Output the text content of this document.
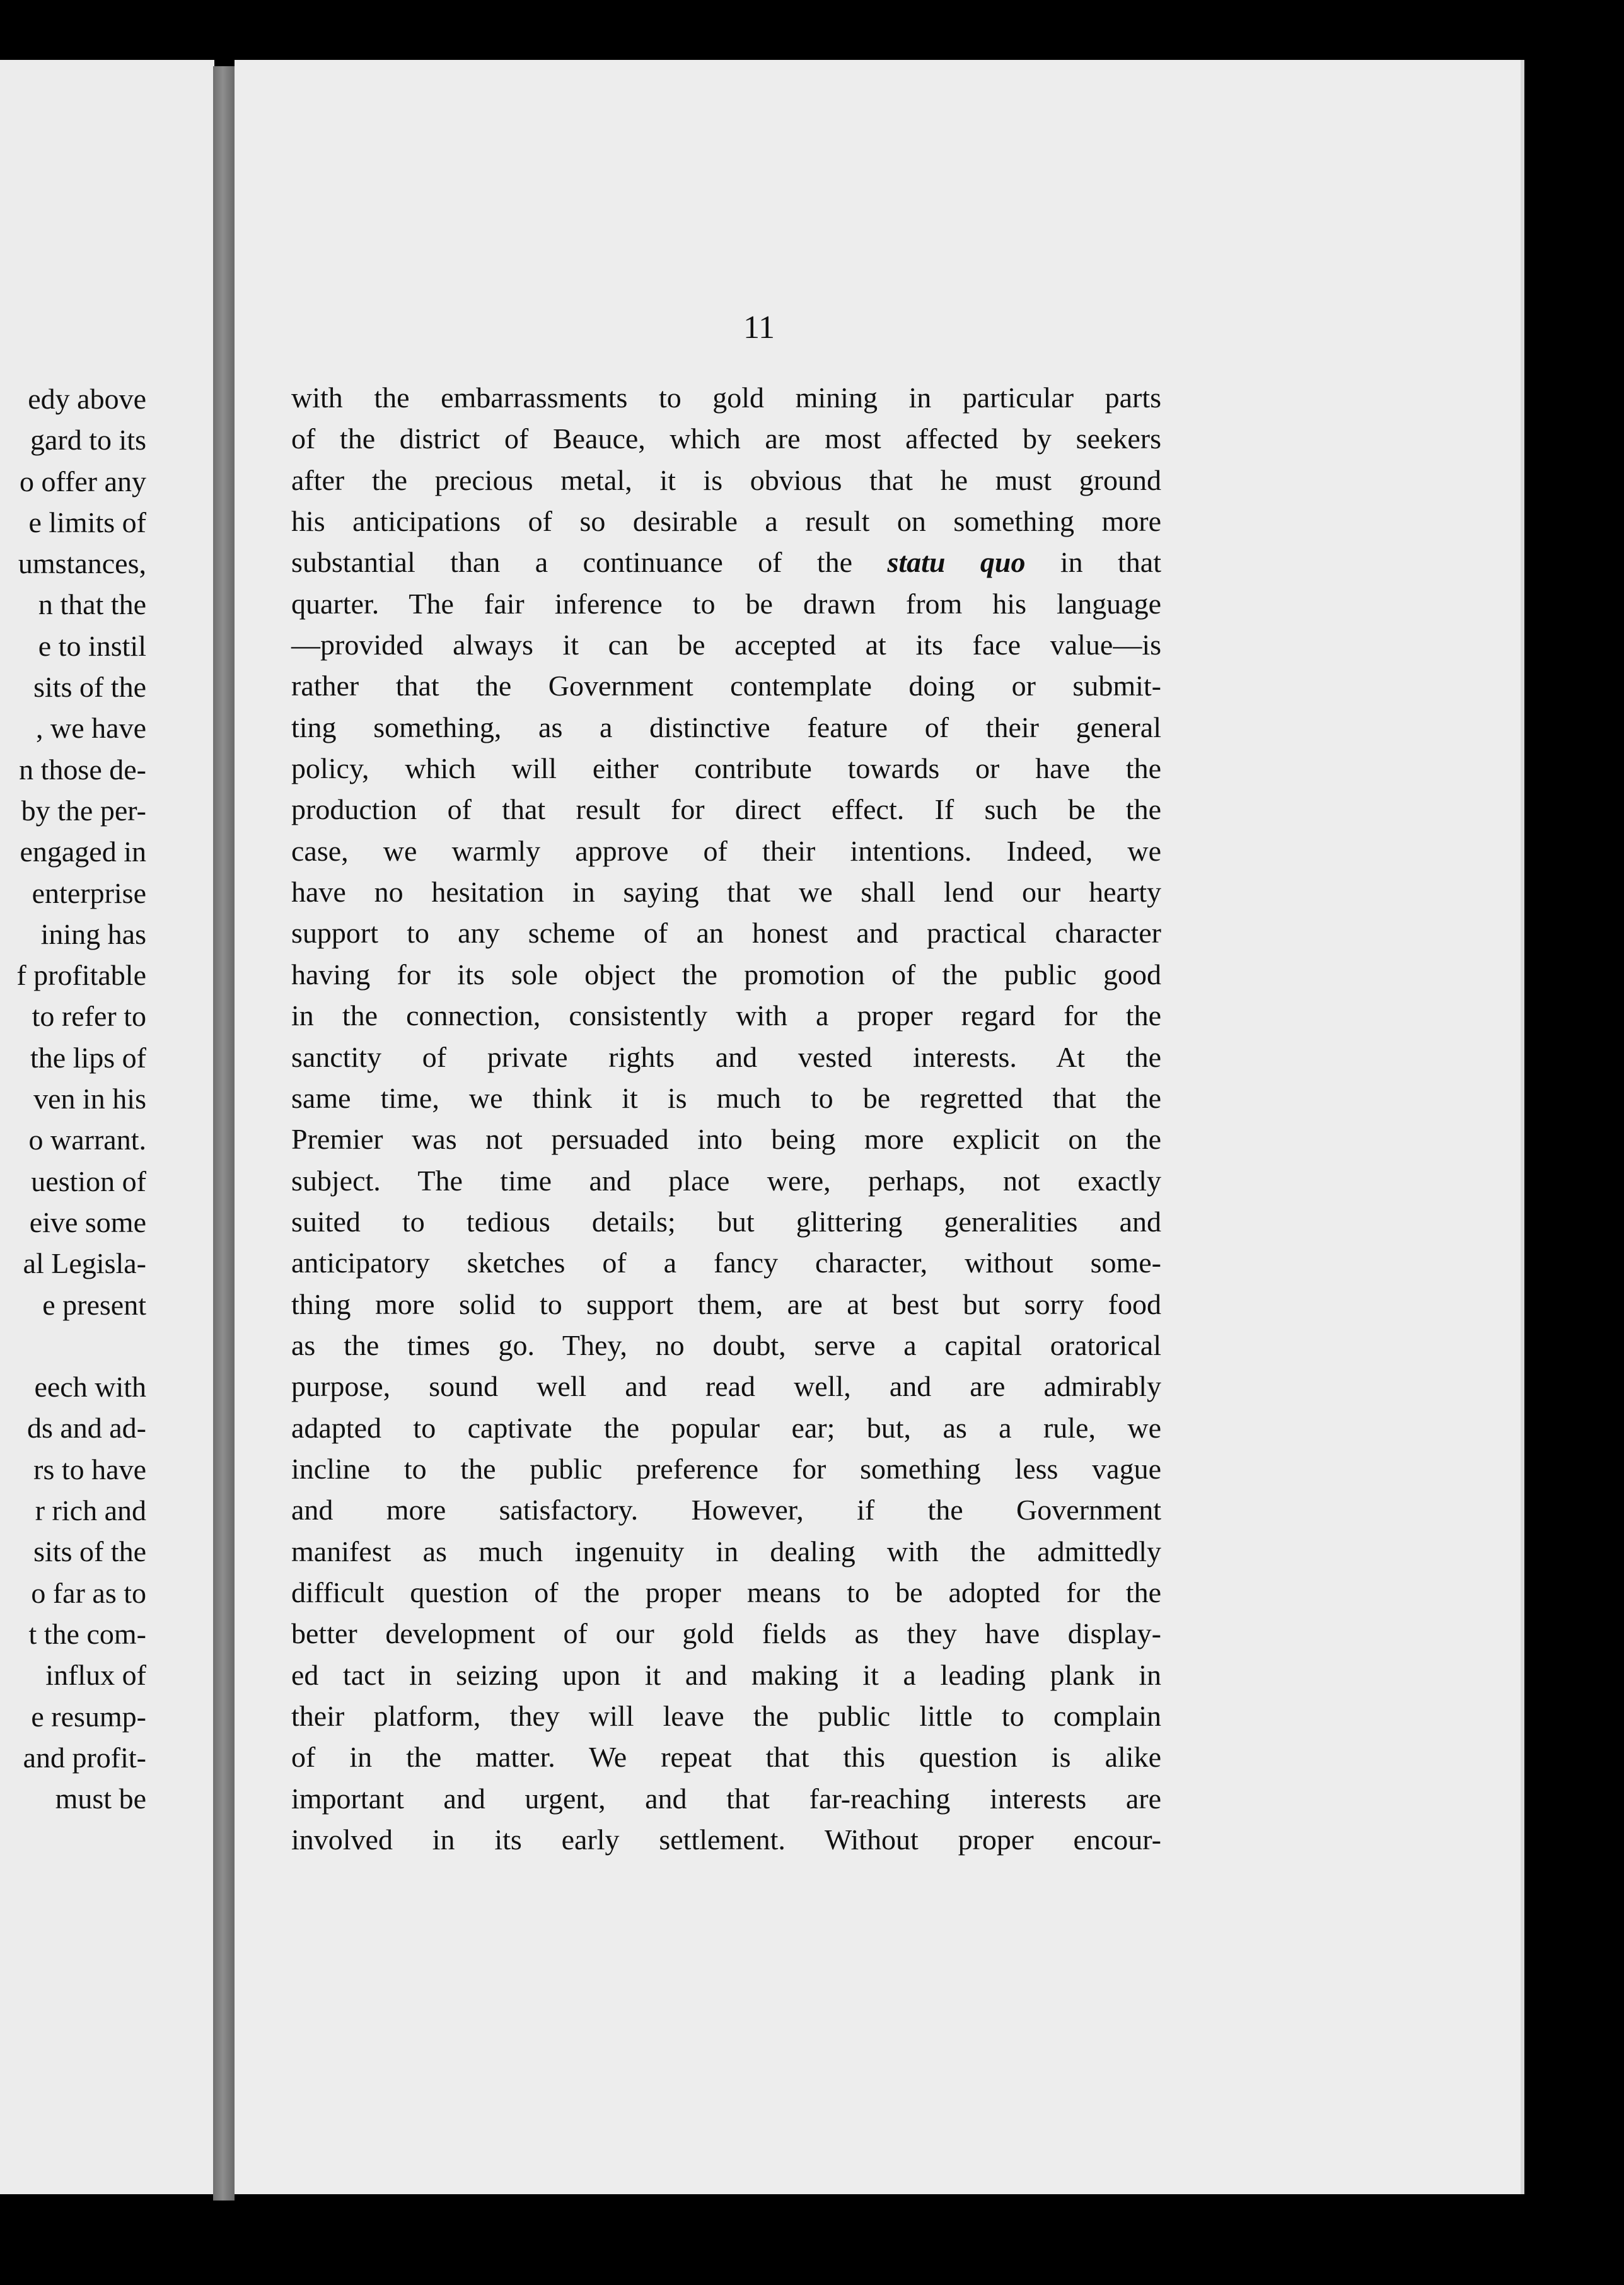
edy above
gard to its
o offer any
e limits of
umstances,
n that the
e to instil
sits of the
, we have
n those de-
by the per-
engaged in
enterprise
ining has
f profitable
to refer to
the lips of
ven in his
o warrant.
uestion of
eive some
al Legisla-
e present

eech with
ds and ad-
rs to have
r rich and
sits of the
o far as to
t the com-
influx of
e resump-
and profit-
must be
11
with the embarrassments to gold mining in particular parts
of the district of Beauce, which are most affected by seekers
after the precious metal, it is obvious that he must ground
his anticipations of so desirable a result on something more
substantial than a continuance of the statu quo in that
quarter. The fair inference to be drawn from his language
—provided always it can be accepted at its face value—is
rather that the Government contemplate doing or submit-
ting something, as a distinctive feature of their general
policy, which will either contribute towards or have the
production of that result for direct effect. If such be the
case, we warmly approve of their intentions. Indeed, we
have no hesitation in saying that we shall lend our hearty
support to any scheme of an honest and practical character
having for its sole object the promotion of the public good
in the connection, consistently with a proper regard for the
sanctity of private rights and vested interests. At the
same time, we think it is much to be regretted that the
Premier was not persuaded into being more explicit on the
subject. The time and place were, perhaps, not exactly
suited to tedious details; but glittering generalities and
anticipatory sketches of a fancy character, without some-
thing more solid to support them, are at best but sorry food
as the times go. They, no doubt, serve a capital oratorical
purpose, sound well and read well, and are admirably
adapted to captivate the popular ear; but, as a rule, we
incline to the public preference for something less vague
and more satisfactory. However, if the Government
manifest as much ingenuity in dealing with the admittedly
difficult question of the proper means to be adopted for the
better development of our gold fields as they have display-
ed tact in seizing upon it and making it a leading plank in
their platform, they will leave the public little to complain
of in the matter. We repeat that this question is alike
important and urgent, and that far-reaching interests are
involved in its early settlement. Without proper encour-
